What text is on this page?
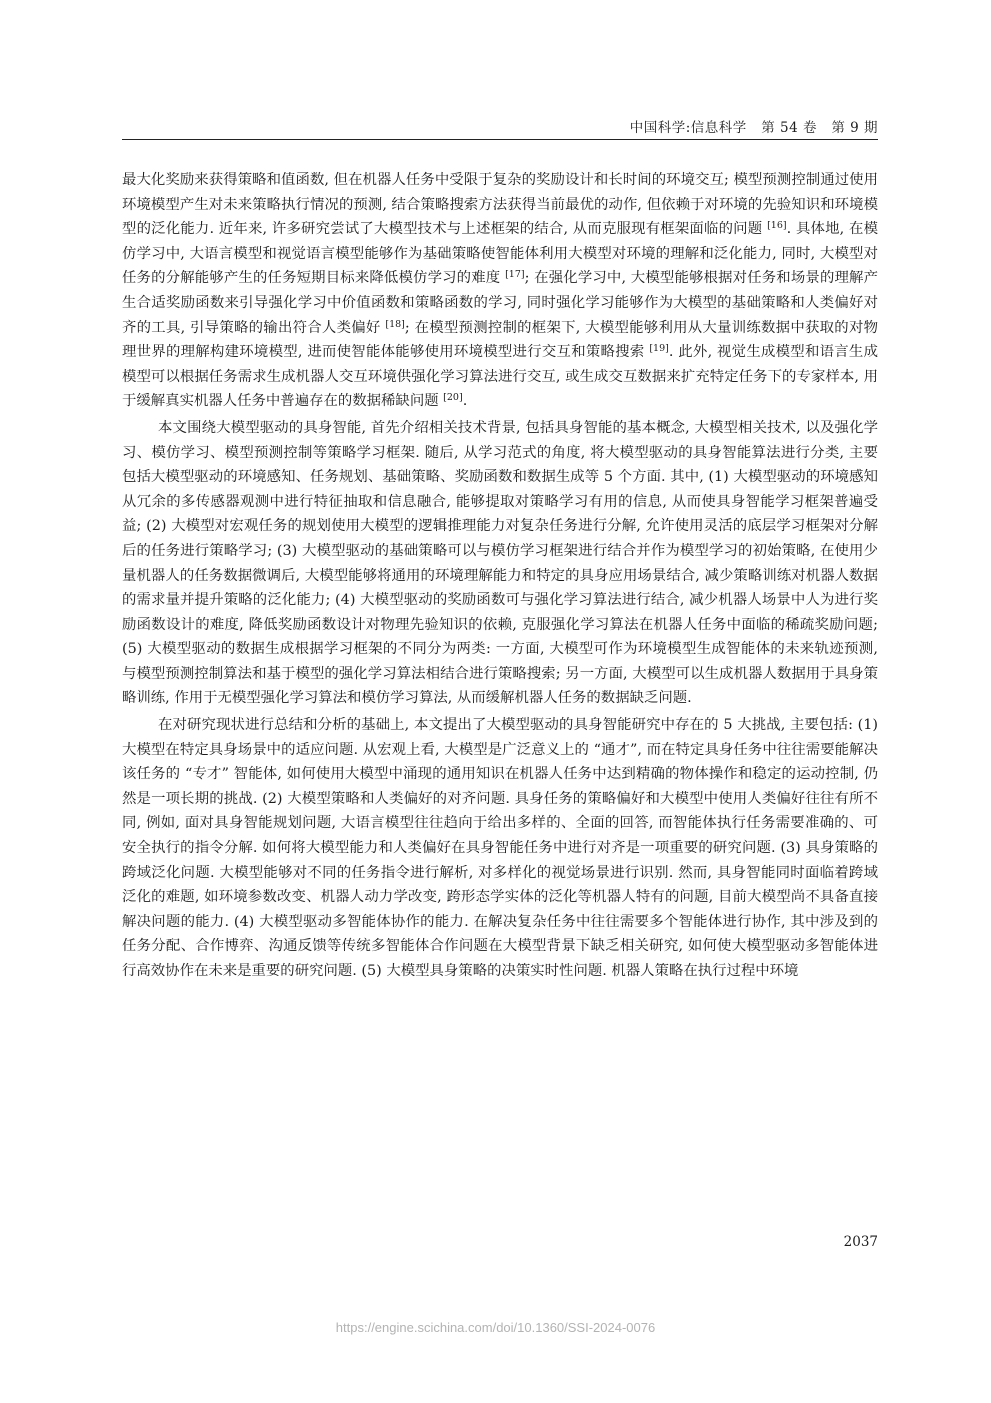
中国科学:信息科学 第 54 卷 第 9 期

最大化奖励来获得策略和值函数, 但在机器人任务中受限于复杂的奖励设计和长时间的环境交互; 模型预测控制通过使用环境模型产生对未来策略执行情况的预测, 结合策略搜索方法获得当前最优的动作, 但依赖于对环境的先验知识和环境模型的泛化能力. 近年来, 许多研究尝试了大模型技术与上述框架的结合, 从而克服现有框架面临的问题 [16]. 具体地, 在模仿学习中, 大语言模型和视觉语言模型能够作为基础策略使智能体利用大模型对环境的理解和泛化能力, 同时, 大模型对任务的分解能够产生的任务短期目标来降低模仿学习的难度 [17]; 在强化学习中, 大模型能够根据对任务和场景的理解产生合适奖励函数来引导强化学习中价值函数和策略函数的学习, 同时强化学习能够作为大模型的基础策略和人类偏好对齐的工具, 引导策略的输出符合人类偏好 [18]; 在模型预测控制的框架下, 大模型能够利用从大量训练数据中获取的对物理世界的理解构建环境模型, 进而使智能体能够使用环境模型进行交互和策略搜索 [19]. 此外, 视觉生成模型和语言生成模型可以根据任务需求生成机器人交互环境供强化学习算法进行交互, 或生成交互数据来扩充特定任务下的专家样本, 用于缓解真实机器人任务中普遍存在的数据稀缺问题 [20].

本文围绕大模型驱动的具身智能, 首先介绍相关技术背景, 包括具身智能的基本概念, 大模型相关技术, 以及强化学习、模仿学习、模型预测控制等策略学习框架. 随后, 从学习范式的角度, 将大模型驱动的具身智能算法进行分类, 主要包括大模型驱动的环境感知、任务规划、基础策略、奖励函数和数据生成等 5 个方面. 其中, (1) 大模型驱动的环境感知从冗余的多传感器观测中进行特征抽取和信息融合, 能够提取对策略学习有用的信息, 从而使具身智能学习框架普遍受益; (2) 大模型对宏观任务的规划使用大模型的逻辑推理能力对复杂任务进行分解, 允许使用灵活的底层学习框架对分解后的任务进行策略学习; (3) 大模型驱动的基础策略可以与模仿学习框架进行结合并作为模型学习的初始策略, 在使用少量机器人的任务数据微调后, 大模型能够将通用的环境理解能力和特定的具身应用场景结合, 减少策略训练对机器人数据的需求量并提升策略的泛化能力; (4) 大模型驱动的奖励函数可与强化学习算法进行结合, 减少机器人场景中人为进行奖励函数设计的难度, 降低奖励函数设计对物理先验知识的依赖, 克服强化学习算法在机器人任务中面临的稀疏奖励问题; (5) 大模型驱动的数据生成根据学习框架的不同分为两类: 一方面, 大模型可作为环境模型生成智能体的未来轨迹预测, 与模型预测控制算法和基于模型的强化学习算法相结合进行策略搜索; 另一方面, 大模型可以生成机器人数据用于具身策略训练, 作用于无模型强化学习算法和模仿学习算法, 从而缓解机器人任务的数据缺乏问题.

在对研究现状进行总结和分析的基础上, 本文提出了大模型驱动的具身智能研究中存在的 5 大挑战, 主要包括: (1) 大模型在特定具身场景中的适应问题. 从宏观上看, 大模型是广泛意义上的 “通才”, 而在特定具身任务中往往需要能解决该任务的 “专才” 智能体, 如何使用大模型中涌现的通用知识在机器人任务中达到精确的物体操作和稳定的运动控制, 仍然是一项长期的挑战. (2) 大模型策略和人类偏好的对齐问题. 具身任务的策略偏好和大模型中使用人类偏好往往有所不同, 例如, 面对具身智能规划问题, 大语言模型往往趋向于给出多样的、全面的回答, 而智能体执行任务需要准确的、可安全执行的指令分解. 如何将大模型能力和人类偏好在具身智能任务中进行对齐是一项重要的研究问题. (3) 具身策略的跨域泛化问题. 大模型能够对不同的任务指令进行解析, 对多样化的视觉场景进行识别. 然而, 具身智能同时面临着跨域泛化的难题, 如环境参数改变、机器人动力学改变, 跨形态学实体的泛化等机器人特有的问题, 目前大模型尚不具备直接解决问题的能力. (4) 大模型驱动多智能体协作的能力. 在解决复杂任务中往往需要多个智能体进行协作, 其中涉及到的任务分配、合作博弈、沟通反馈等传统多智能体合作问题在大模型背景下缺乏相关研究, 如何使大模型驱动多智能体进行高效协作在未来是重要的研究问题. (5) 大模型具身策略的决策实时性问题. 机器人策略在执行过程中环境

2037
https://engine.scichina.com/doi/10.1360/SSI-2024-0076
